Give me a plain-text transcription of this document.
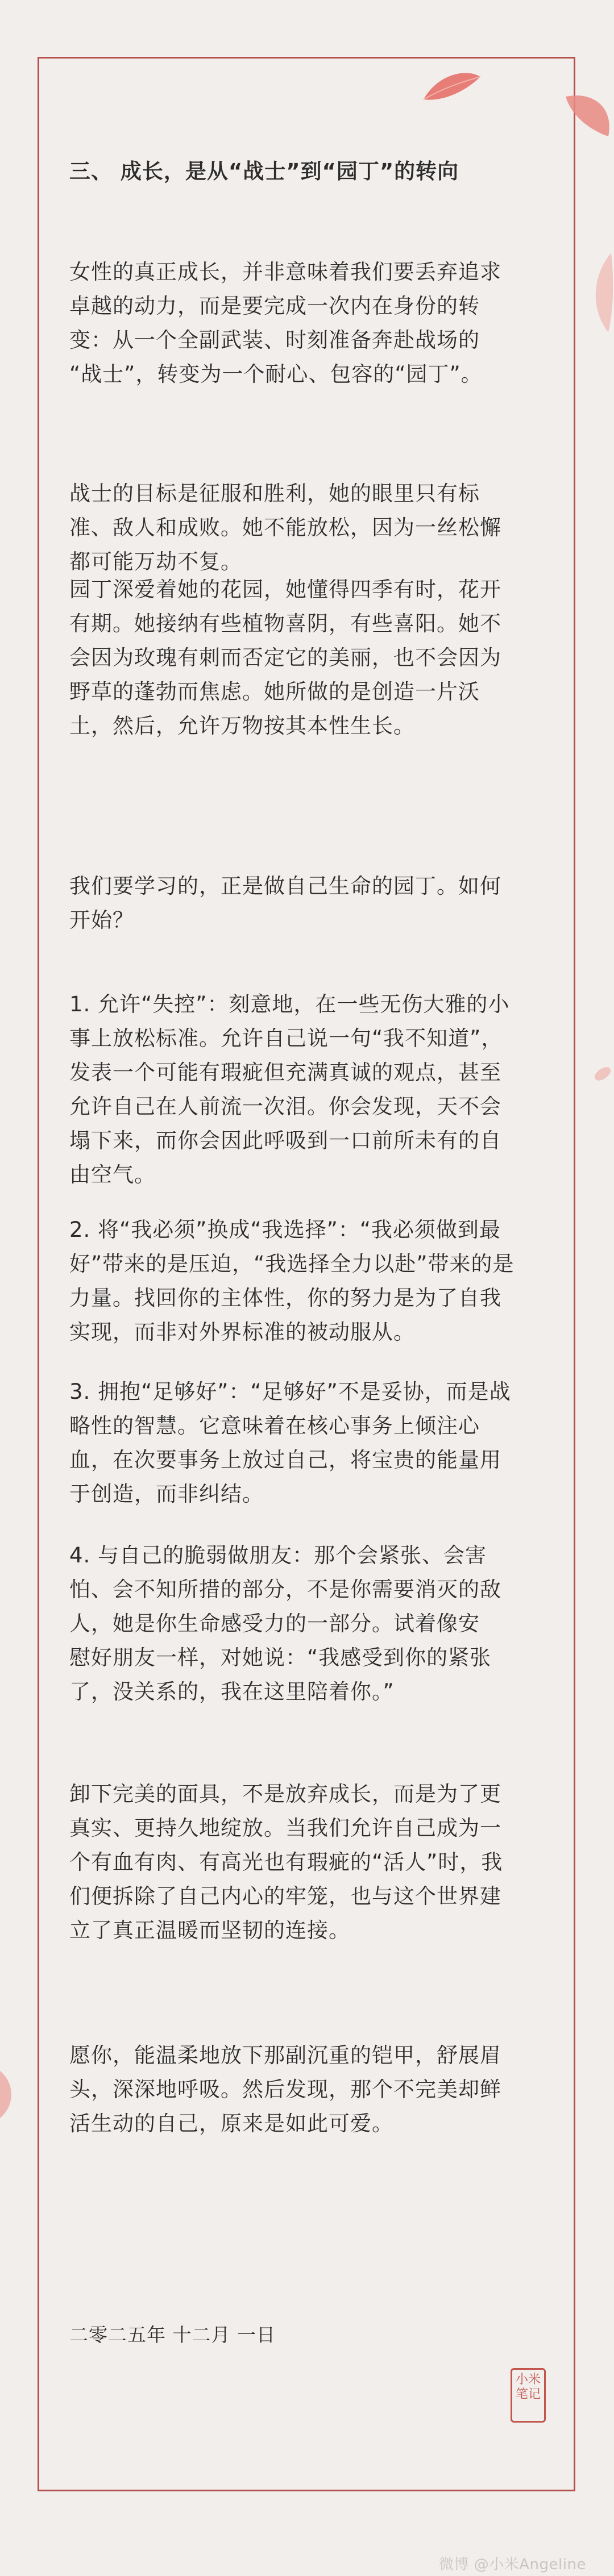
三、 成长，是从“战士”到“园丁”的转向

女性的真正成长，并非意味着我们要丢弃追求
卓越的动力，而是要完成一次内在身份的转
变：从一个全副武装、时刻准备奔赴战场的
“战士”，转变为一个耐心、包容的“园丁”。

战士的目标是征服和胜利，她的眼里只有标
准、敌人和成败。她不能放松，因为一丝松懈
都可能万劫不复。

园丁深爱着她的花园，她懂得四季有时，花开
有期。她接纳有些植物喜阴，有些喜阳。她不
会因为玫瑰有刺而否定它的美丽，也不会因为
野草的蓬勃而焦虑。她所做的是创造一片沃
土，然后，允许万物按其本性生长。

我们要学习的，正是做自己生命的园丁。如何
开始？

1. 允许“失控”：刻意地，在一些无伤大雅的小
事上放松标准。允许自己说一句“我不知道”，
发表一个可能有瑕疵但充满真诚的观点，甚至
允许自己在人前流一次泪。你会发现，天不会
塌下来，而你会因此呼吸到一口前所未有的自
由空气。

2. 将“我必须”换成“我选择”：“我必须做到最
好”带来的是压迫，“我选择全力以赴”带来的是
力量。找回你的主体性，你的努力是为了自我
实现，而非对外界标准的被动服从。

3. 拥抱“足够好”：“足够好”不是妥协，而是战
略性的智慧。它意味着在核心事务上倾注心
血，在次要事务上放过自己，将宝贵的能量用
于创造，而非纠结。

4. 与自己的脆弱做朋友：那个会紧张、会害
怕、会不知所措的部分，不是你需要消灭的敌
人，她是你生命感受力的一部分。试着像安
慰好朋友一样，对她说：“我感受到你的紧张
了，没关系的，我在这里陪着你。”

卸下完美的面具，不是放弃成长，而是为了更
真实、更持久地绽放。当我们允许自己成为一
个有血有肉、有高光也有瑕疵的“活人”时，我
们便拆除了自己内心的牢笼，也与这个世界建
立了真正温暖而坚韧的连接。

愿你，能温柔地放下那副沉重的铠甲，舒展眉
头，深深地呼吸。然后发现，那个不完美却鲜
活生动的自己，原来是如此可爱。

二零二五年 十二月 一日
小米
笔记
微博 @小米Angeline
